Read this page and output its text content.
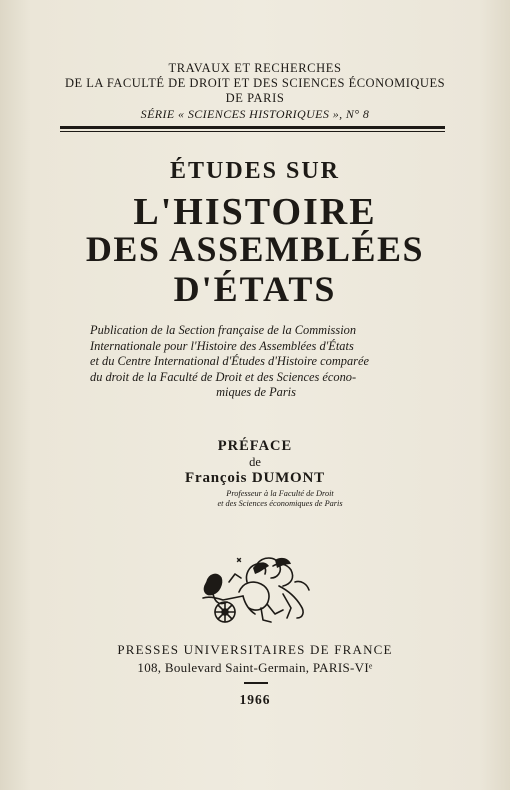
TRAVAUX ET RECHERCHES
DE LA FACULTÉ DE DROIT ET DES SCIENCES ÉCONOMIQUES
DE PARIS
SÉRIE « SCIENCES HISTORIQUES », N° 8
ÉTUDES SUR
L'HISTOIRE
DES ASSEMBLÉES
D'ÉTATS
Publication de la Section française de la Commission
Internationale pour l'Histoire des Assemblées d'États
et du Centre International d'Études d'Histoire comparée
du droit de la Faculté de Droit et des Sciences écono-
miques de Paris
PRÉFACE
de
François DUMONT
Professeur à la Faculté de Droit
et des Sciences économiques de Paris
PRESSES UNIVERSITAIRES DE FRANCE
108, Boulevard Saint-Germain, PARIS-VIᵉ
1966
